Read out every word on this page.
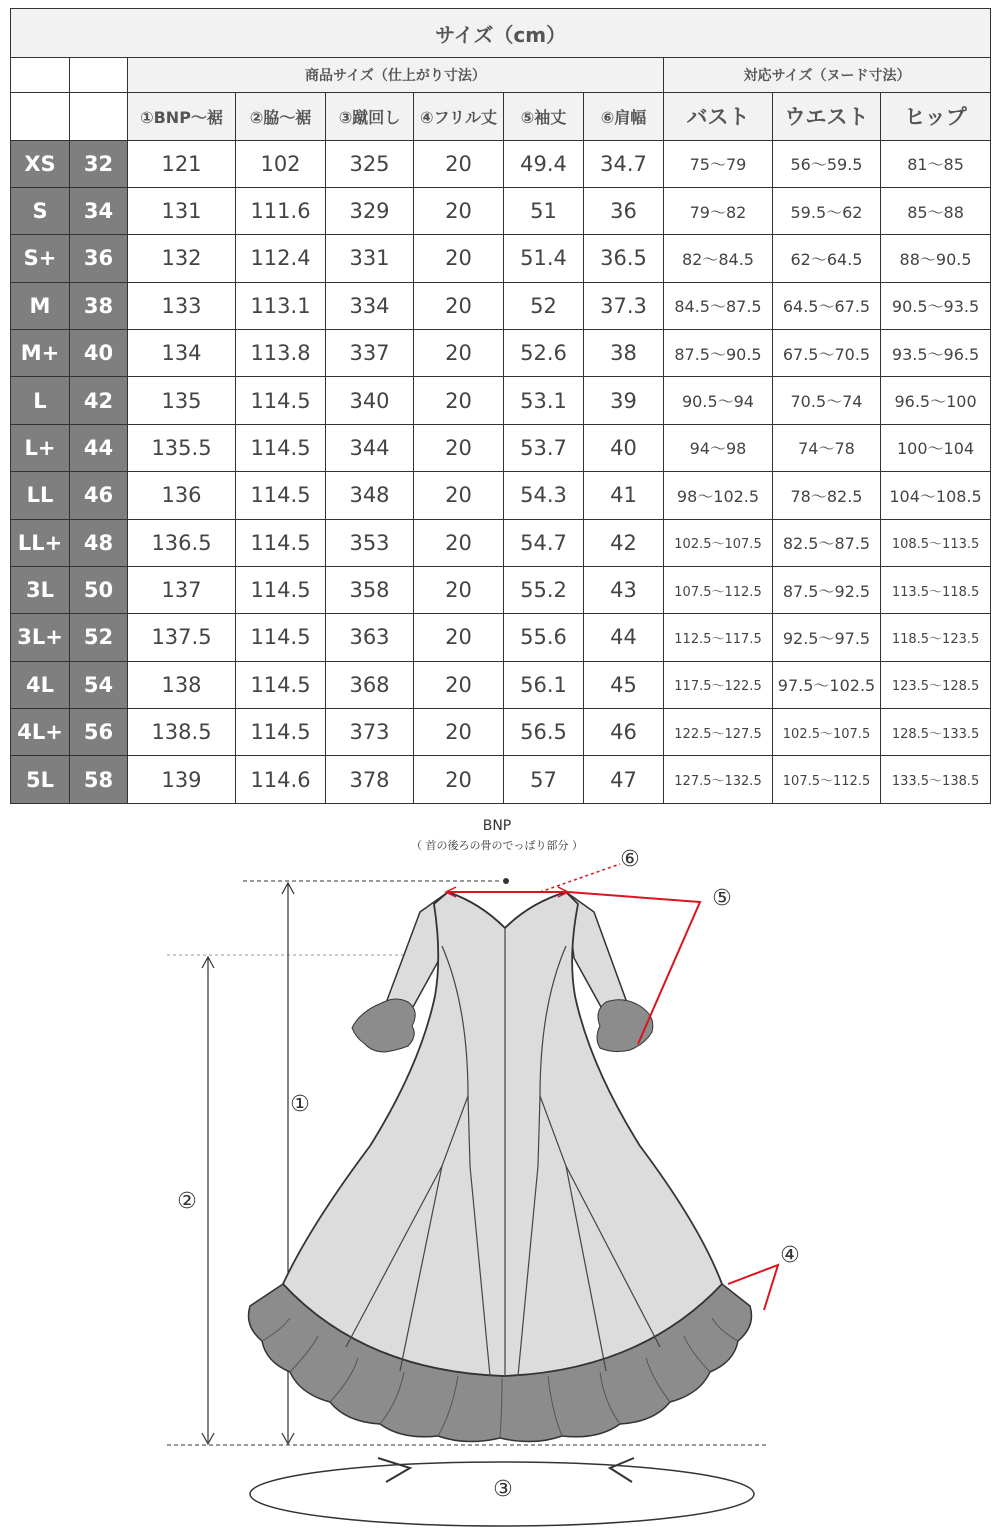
サイズ（cm）										
		商品サイズ（仕上がり寸法）						対応サイズ（ヌード寸法）		
		①BNP～裾	②脇～裾	③蹴回し	④フリル丈	⑤袖丈	⑥肩幅	バスト	ウエスト	ヒップ
XS	32	121	102	325	20	49.4	34.7	75～79	56～59.5	81～85
S	34	131	111.6	329	20	51	36	79～82	59.5～62	85～88
S+	36	132	112.4	331	20	51.4	36.5	82～84.5	62～64.5	88～90.5
M	38	133	113.1	334	20	52	37.3	84.5～87.5	64.5～67.5	90.5～93.5
M+	40	134	113.8	337	20	52.6	38	87.5～90.5	67.5～70.5	93.5～96.5
L	42	135	114.5	340	20	53.1	39	90.5～94	70.5～74	96.5～100
L+	44	135.5	114.5	344	20	53.7	40	94～98	74～78	100～104
LL	46	136	114.5	348	20	54.3	41	98～102.5	78～82.5	104～108.5
LL+	48	136.5	114.5	353	20	54.7	42	102.5～107.5	82.5～87.5	108.5～113.5
3L	50	137	114.5	358	20	55.2	43	107.5～112.5	87.5～92.5	113.5～118.5
3L+	52	137.5	114.5	363	20	55.6	44	112.5～117.5	92.5～97.5	118.5～123.5
4L	54	138	114.5	368	20	56.1	45	117.5～122.5	97.5～102.5	123.5～128.5
4L+	56	138.5	114.5	373	20	56.5	46	122.5～127.5	102.5～107.5	128.5～133.5
5L	58	139	114.6	378	20	57	47	127.5～132.5	107.5～112.5	133.5～138.5
BNP
（ 首の後ろの骨のでっぱり部分 ）
①
②
⑥
⑤
④
③
